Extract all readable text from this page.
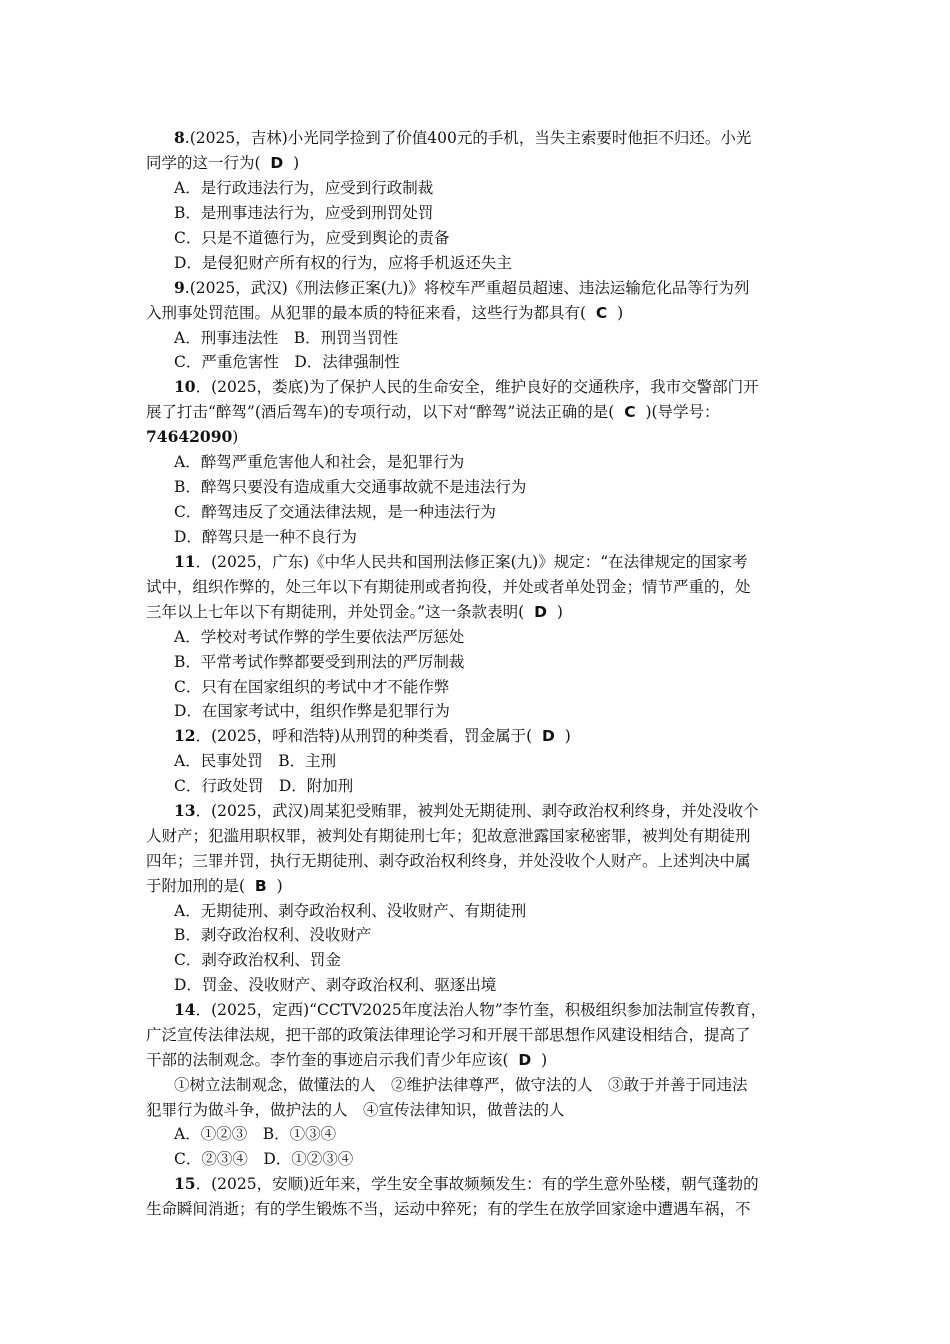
8.(2025，吉林)小光同学捡到了价值400元的手机，当失主索要时他拒不归还。小光
同学的这一行为( D )
A．是行政违法行为，应受到行政制裁
B．是刑事违法行为，应受到刑罚处罚
C．只是不道德行为，应受到舆论的责备
D．是侵犯财产所有权的行为，应将手机返还失主
9.(2025，武汉)《刑法修正案(九)》将校车严重超员超速、违法运输危化品等行为列
入刑事处罚范围。从犯罪的最本质的特征来看，这些行为都具有( C )
A．刑事违法性　B．刑罚当罚性
C．严重危害性　D．法律强制性
10．(2025，娄底)为了保护人民的生命安全，维护良好的交通秩序，我市交警部门开
展了打击“醉驾”(酒后驾车)的专项行动，以下对“醉驾”说法正确的是( C )(导学号：
74642090)
A．醉驾严重危害他人和社会，是犯罪行为
B．醉驾只要没有造成重大交通事故就不是违法行为
C．醉驾违反了交通法律法规，是一种违法行为
D．醉驾只是一种不良行为
11．(2025，广东)《中华人民共和国刑法修正案(九)》规定：“在法律规定的国家考
试中，组织作弊的，处三年以下有期徒刑或者拘役，并处或者单处罚金；情节严重的，处
三年以上七年以下有期徒刑，并处罚金。”这一条款表明( D )
A．学校对考试作弊的学生要依法严厉惩处
B．平常考试作弊都要受到刑法的严厉制裁
C．只有在国家组织的考试中才不能作弊
D．在国家考试中，组织作弊是犯罪行为
12．(2025，呼和浩特)从刑罚的种类看，罚金属于( D )
A．民事处罚　B．主刑
C．行政处罚　D．附加刑
13．(2025，武汉)周某犯受贿罪，被判处无期徒刑、剥夺政治权利终身，并处没收个
人财产；犯滥用职权罪，被判处有期徒刑七年；犯故意泄露国家秘密罪，被判处有期徒刑
四年；三罪并罚，执行无期徒刑、剥夺政治权利终身，并处没收个人财产。上述判决中属
于附加刑的是( B )
A．无期徒刑、剥夺政治权利、没收财产、有期徒刑
B．剥夺政治权利、没收财产
C．剥夺政治权利、罚金
D．罚金、没收财产、剥夺政治权利、驱逐出境
14．(2025，定西)“CCTV2025年度法治人物”李竹奎，积极组织参加法制宣传教育，
广泛宣传法律法规，把干部的政策法律理论学习和开展干部思想作风建设相结合，提高了
干部的法制观念。李竹奎的事迹启示我们青少年应该( D )
①树立法制观念，做懂法的人　②维护法律尊严，做守法的人　③敢于并善于同违法
犯罪行为做斗争，做护法的人　④宣传法律知识，做普法的人
A．①②③　B．①③④
C．②③④　D．①②③④
15．(2025，安顺)近年来，学生安全事故频频发生：有的学生意外坠楼，朝气蓬勃的
生命瞬间消逝；有的学生锻炼不当，运动中猝死；有的学生在放学回家途中遭遇车祸，不
